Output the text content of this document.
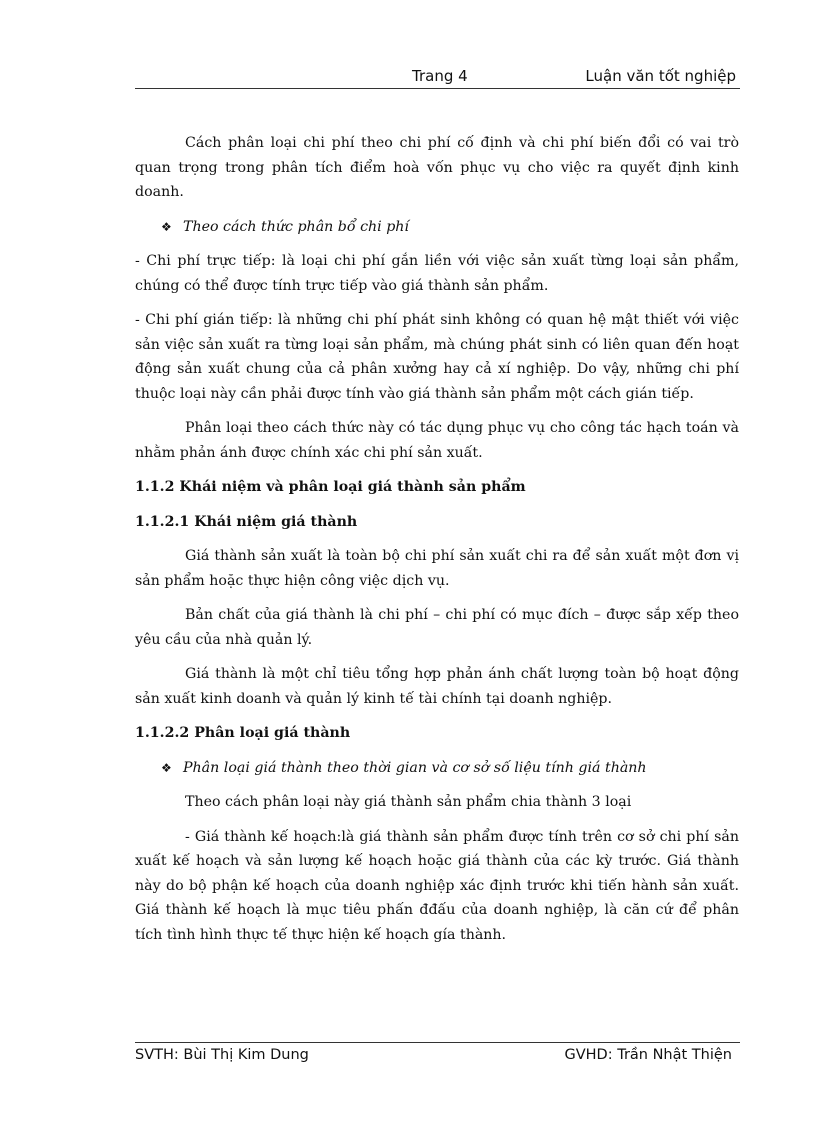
Trang 4	Luận văn tốt nghiệp

Cách phân loại chi phí theo chi phí cố định và chi phí biến đổi có vai trò quan trọng trong phân tích điểm hoà vốn phục vụ cho việc ra quyết định kinh doanh.

❖ Theo cách thức phân bổ chi phí

- Chi phí trực tiếp: là loại chi phí gắn liền với việc sản xuất từng loại sản phẩm, chúng có thể được tính trực tiếp vào giá thành sản phẩm.

- Chi phí gián tiếp: là những chi phí phát sinh không có quan hệ mật thiết với việc sản việc sản xuất ra từng loại sản phẩm, mà chúng phát sinh có liên quan đến hoạt động sản xuất chung của cả phân xưởng hay cả xí nghiệp. Do vậy, những chi phí thuộc loại này cần phải được tính vào giá thành sản phẩm một cách gián tiếp.

Phân loại theo cách thức này có tác dụng phục vụ cho công tác hạch toán và nhằm phản ánh được chính xác chi phí sản xuất.

1.1.2 Khái niệm và phân loại giá thành sản phẩm
1.1.2.1 Khái niệm giá thành

Giá thành sản xuất là toàn bộ chi phí sản xuất chi ra để sản xuất một đơn vị sản phẩm hoặc thực hiện công việc dịch vụ.

Bản chất của giá thành là chi phí – chi phí có mục đích – được sắp xếp theo yêu cầu của nhà quản lý.

Giá thành là một chỉ tiêu tổng hợp phản ánh chất lượng toàn bộ hoạt động sản xuất kinh doanh và quản lý kinh tế tài chính tại doanh nghiệp.

1.1.2.2 Phân loại giá thành
❖ Phân loại giá thành theo thời gian và cơ sở số liệu tính giá thành

Theo cách phân loại này giá thành sản phẩm chia thành 3 loại

- Giá thành kế hoạch:là giá thành sản phẩm được tính trên cơ sở chi phí sản xuất kế hoạch và sản lượng kế hoạch hoặc giá thành của các kỳ trước. Giá thành này do bộ phận kế hoạch của doanh nghiệp xác định trước khi tiến hành sản xuất. Giá thành kế hoạch là mục tiêu phấn đđấu của doanh nghiệp, là căn cứ để phân tích tình hình thực tế thực hiện kế hoạch gía thành.

SVTH: Bùi Thị Kim Dung	GVHD: Trần Nhật Thiện
